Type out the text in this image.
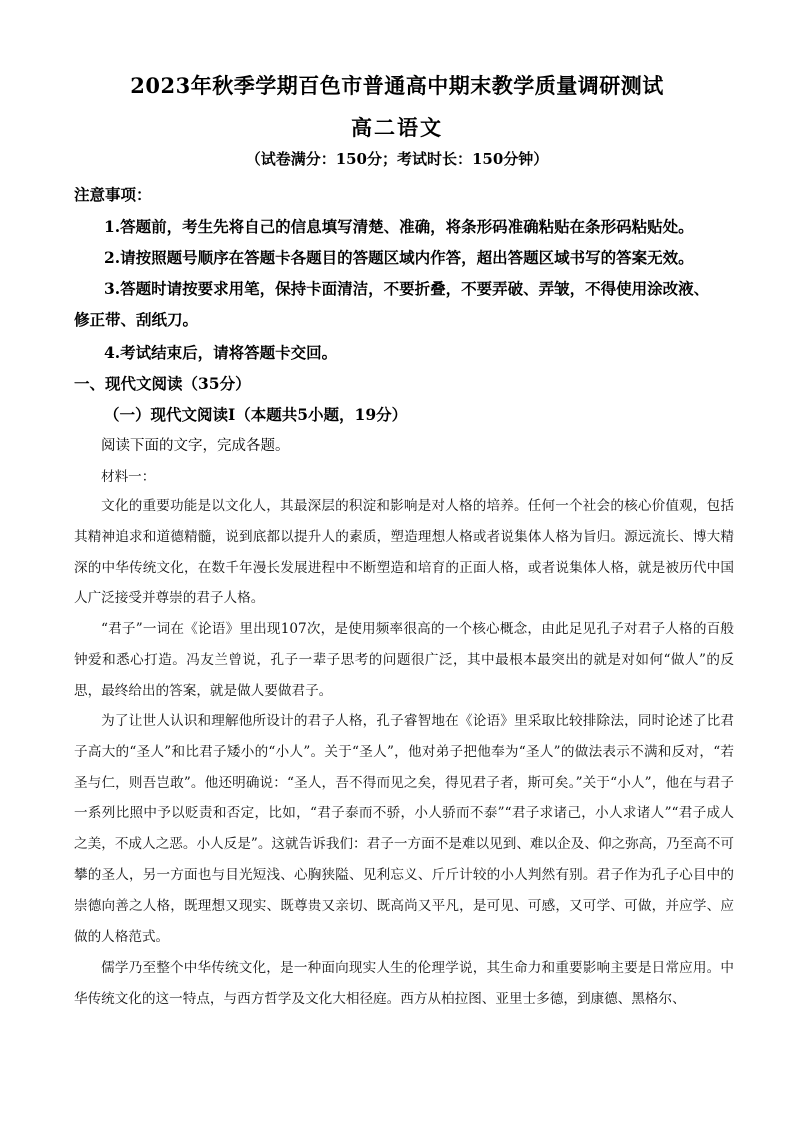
2023年秋季学期百色市普通高中期末教学质量调研测试
高二语文
（试卷满分：150分；考试时长：150分钟）
注意事项：
1.答题前，考生先将自己的信息填写清楚、准确，将条形码准确粘贴在条形码粘贴处。
2.请按照题号顺序在答题卡各题目的答题区域内作答，超出答题区域书写的答案无效。
3.答题时请按要求用笔，保持卡面清洁，不要折叠，不要弄破、弄皱，不得使用涂改液、
修正带、刮纸刀。
4.考试结束后，请将答题卡交回。
一、现代文阅读（35分）
（一）现代文阅读Ⅰ（本题共5小题，19分）
阅读下面的文字，完成各题。
材料一：

文化的重要功能是以文化人，其最深层的积淀和影响是对人格的培养。任何一个社会的核心价值观，包括其精神追求和道德精髓，说到底都以提升人的素质，塑造理想人格或者说集体人格为旨归。源远流长、博大精深的中华传统文化，在数千年漫长发展进程中不断塑造和培育的正面人格，或者说集体人格，就是被历代中国人广泛接受并尊崇的君子人格。

“君子”一词在《论语》里出现107次，是使用频率很高的一个核心概念，由此足见孔子对君子人格的百般钟爱和悉心打造。冯友兰曾说，孔子一辈子思考的问题很广泛，其中最根本最突出的就是对如何“做人”的反思，最终给出的答案，就是做人要做君子。

为了让世人认识和理解他所设计的君子人格，孔子睿智地在《论语》里采取比较排除法，同时论述了比君子高大的“圣人”和比君子矮小的“小人”。关于“圣人”，他对弟子把他奉为“圣人”的做法表示不满和反对，“若圣与仁，则吾岂敢”。他还明确说：“圣人，吾不得而见之矣，得见君子者，斯可矣。”关于“小人”，他在与君子一系列比照中予以贬责和否定，比如，“君子泰而不骄，小人骄而不泰”“君子求诸己，小人求诸人”“君子成人之美，不成人之恶。小人反是”。这就告诉我们：君子一方面不是难以见到、难以企及、仰之弥高，乃至高不可攀的圣人，另一方面也与目光短浅、心胸狭隘、见利忘义、斤斤计较的小人判然有别。君子作为孔子心目中的崇德向善之人格，既理想又现实、既尊贵又亲切、既高尚又平凡，是可见、可感，又可学、可做，并应学、应做的人格范式。

儒学乃至整个中华传统文化，是一种面向现实人生的伦理学说，其生命力和重要影响主要是日常应用。中华传统文化的这一特点，与西方哲学及文化大相径庭。西方从柏拉图、亚里士多德，到康德、黑格尔、
